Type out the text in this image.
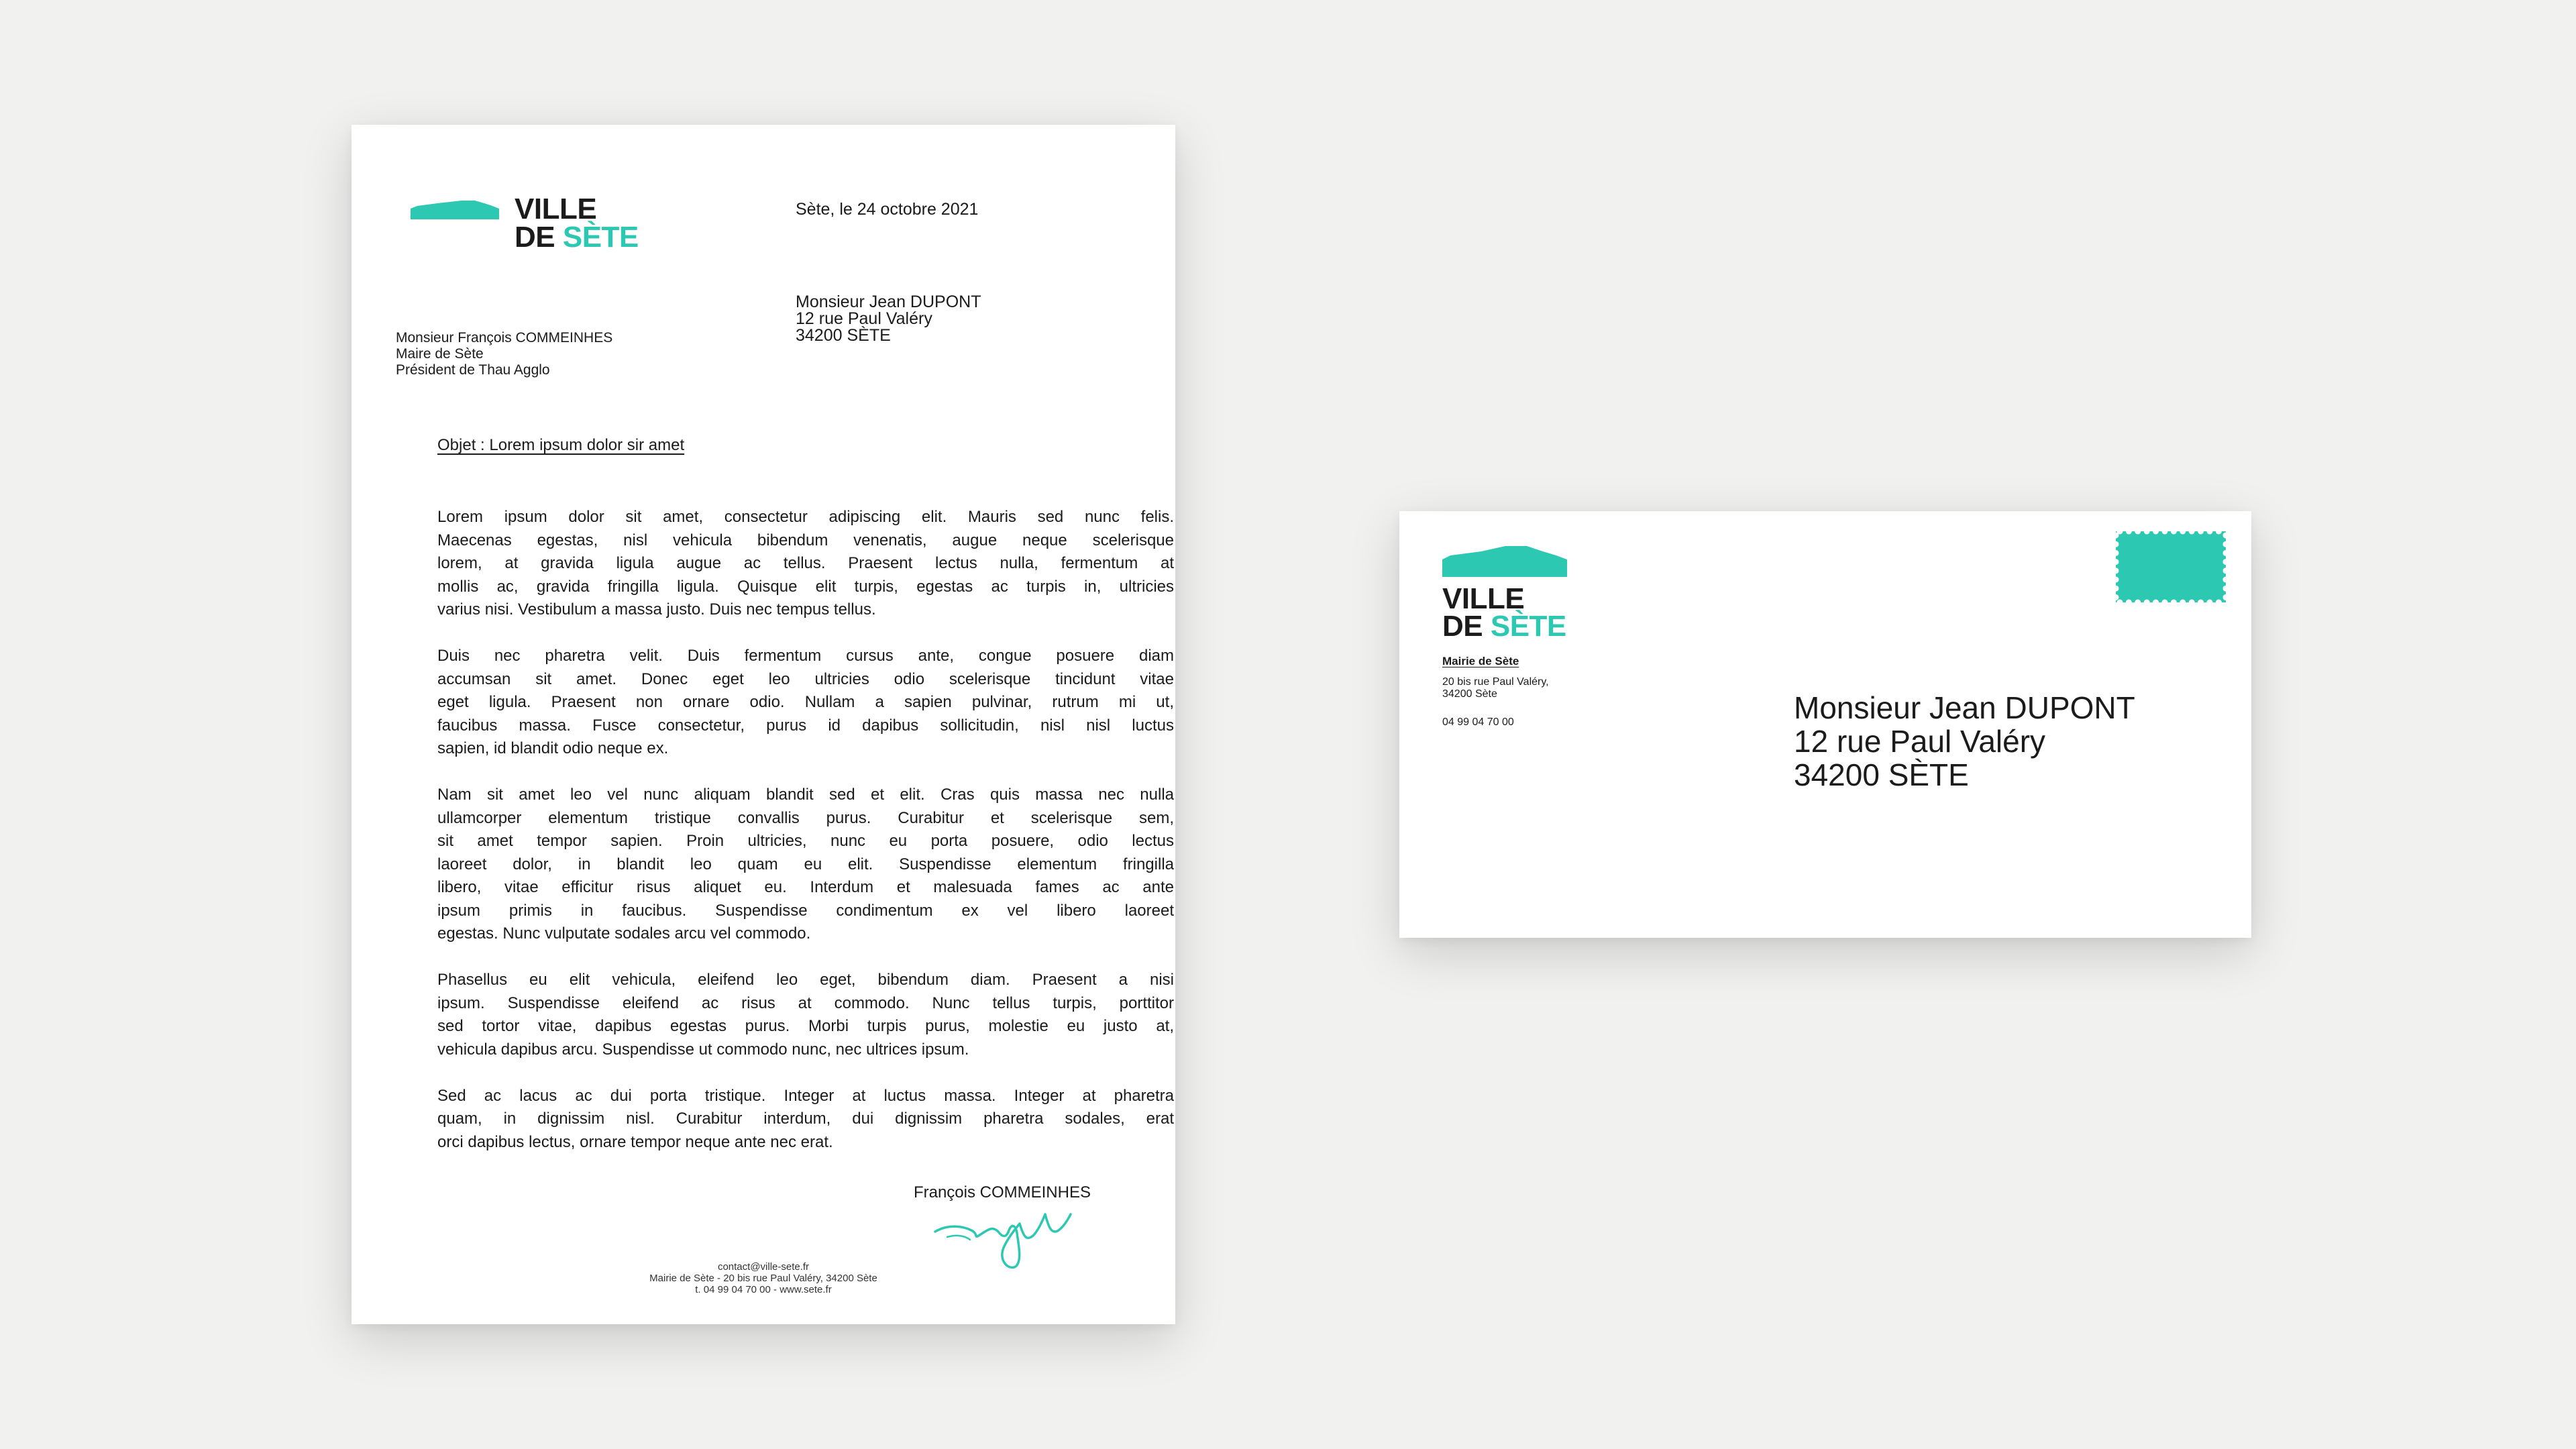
VILLE
DE SÈTE
Sète, le 24 octobre 2021
Monsieur Jean DUPONT
12 rue Paul Valéry
34200 SÈTE
Monsieur François COMMEINHES
Maire de Sète
Président de Thau Agglo
Objet : Lorem ipsum dolor sir amet

Lorem ipsum dolor sit amet, consectetur adipiscing elit. Mauris sed nunc felis.
Maecenas egestas, nisl vehicula bibendum venenatis, augue neque scelerisque
lorem, at gravida ligula augue ac tellus. Praesent lectus nulla, fermentum at
mollis ac, gravida fringilla ligula. Quisque elit turpis, egestas ac turpis in, ultricies
varius nisi. Vestibulum a massa justo. Duis nec tempus tellus.

Duis nec pharetra velit. Duis fermentum cursus ante, congue posuere diam
accumsan sit amet. Donec eget leo ultricies odio scelerisque tincidunt vitae
eget ligula. Praesent non ornare odio. Nullam a sapien pulvinar, rutrum mi ut,
faucibus massa. Fusce consectetur, purus id dapibus sollicitudin, nisl nisl luctus
sapien, id blandit odio neque ex.

Nam sit amet leo vel nunc aliquam blandit sed et elit. Cras quis massa nec nulla
ullamcorper elementum tristique convallis purus. Curabitur et scelerisque sem,
sit amet tempor sapien. Proin ultricies, nunc eu porta posuere, odio lectus
laoreet dolor, in blandit leo quam eu elit. Suspendisse elementum fringilla
libero, vitae efficitur risus aliquet eu. Interdum et malesuada fames ac ante
ipsum primis in faucibus. Suspendisse condimentum ex vel libero laoreet
egestas. Nunc vulputate sodales arcu vel commodo.

Phasellus eu elit vehicula, eleifend leo eget, bibendum diam. Praesent a nisi
ipsum. Suspendisse eleifend ac risus at commodo. Nunc tellus turpis, porttitor
sed tortor vitae, dapibus egestas purus. Morbi turpis purus, molestie eu justo at,
vehicula dapibus arcu. Suspendisse ut commodo nunc, nec ultrices ipsum.

Sed ac lacus ac dui porta tristique. Integer at luctus massa. Integer at pharetra
quam, in dignissim nisl. Curabitur interdum, dui dignissim pharetra sodales, erat
orci dapibus lectus, ornare tempor neque ante nec erat.

François COMMEINHES
contact@ville-sete.fr
Mairie de Sète - 20 bis rue Paul Valéry, 34200 Sète
t. 04 99 04 70 00 - www.sete.fr
VILLE
DE SÈTE
Mairie de Sète
20 bis rue Paul Valéry,
34200 Sète
04 99 04 70 00	Monsieur Jean DUPONT
12 rue Paul Valéry
34200 SÈTE
